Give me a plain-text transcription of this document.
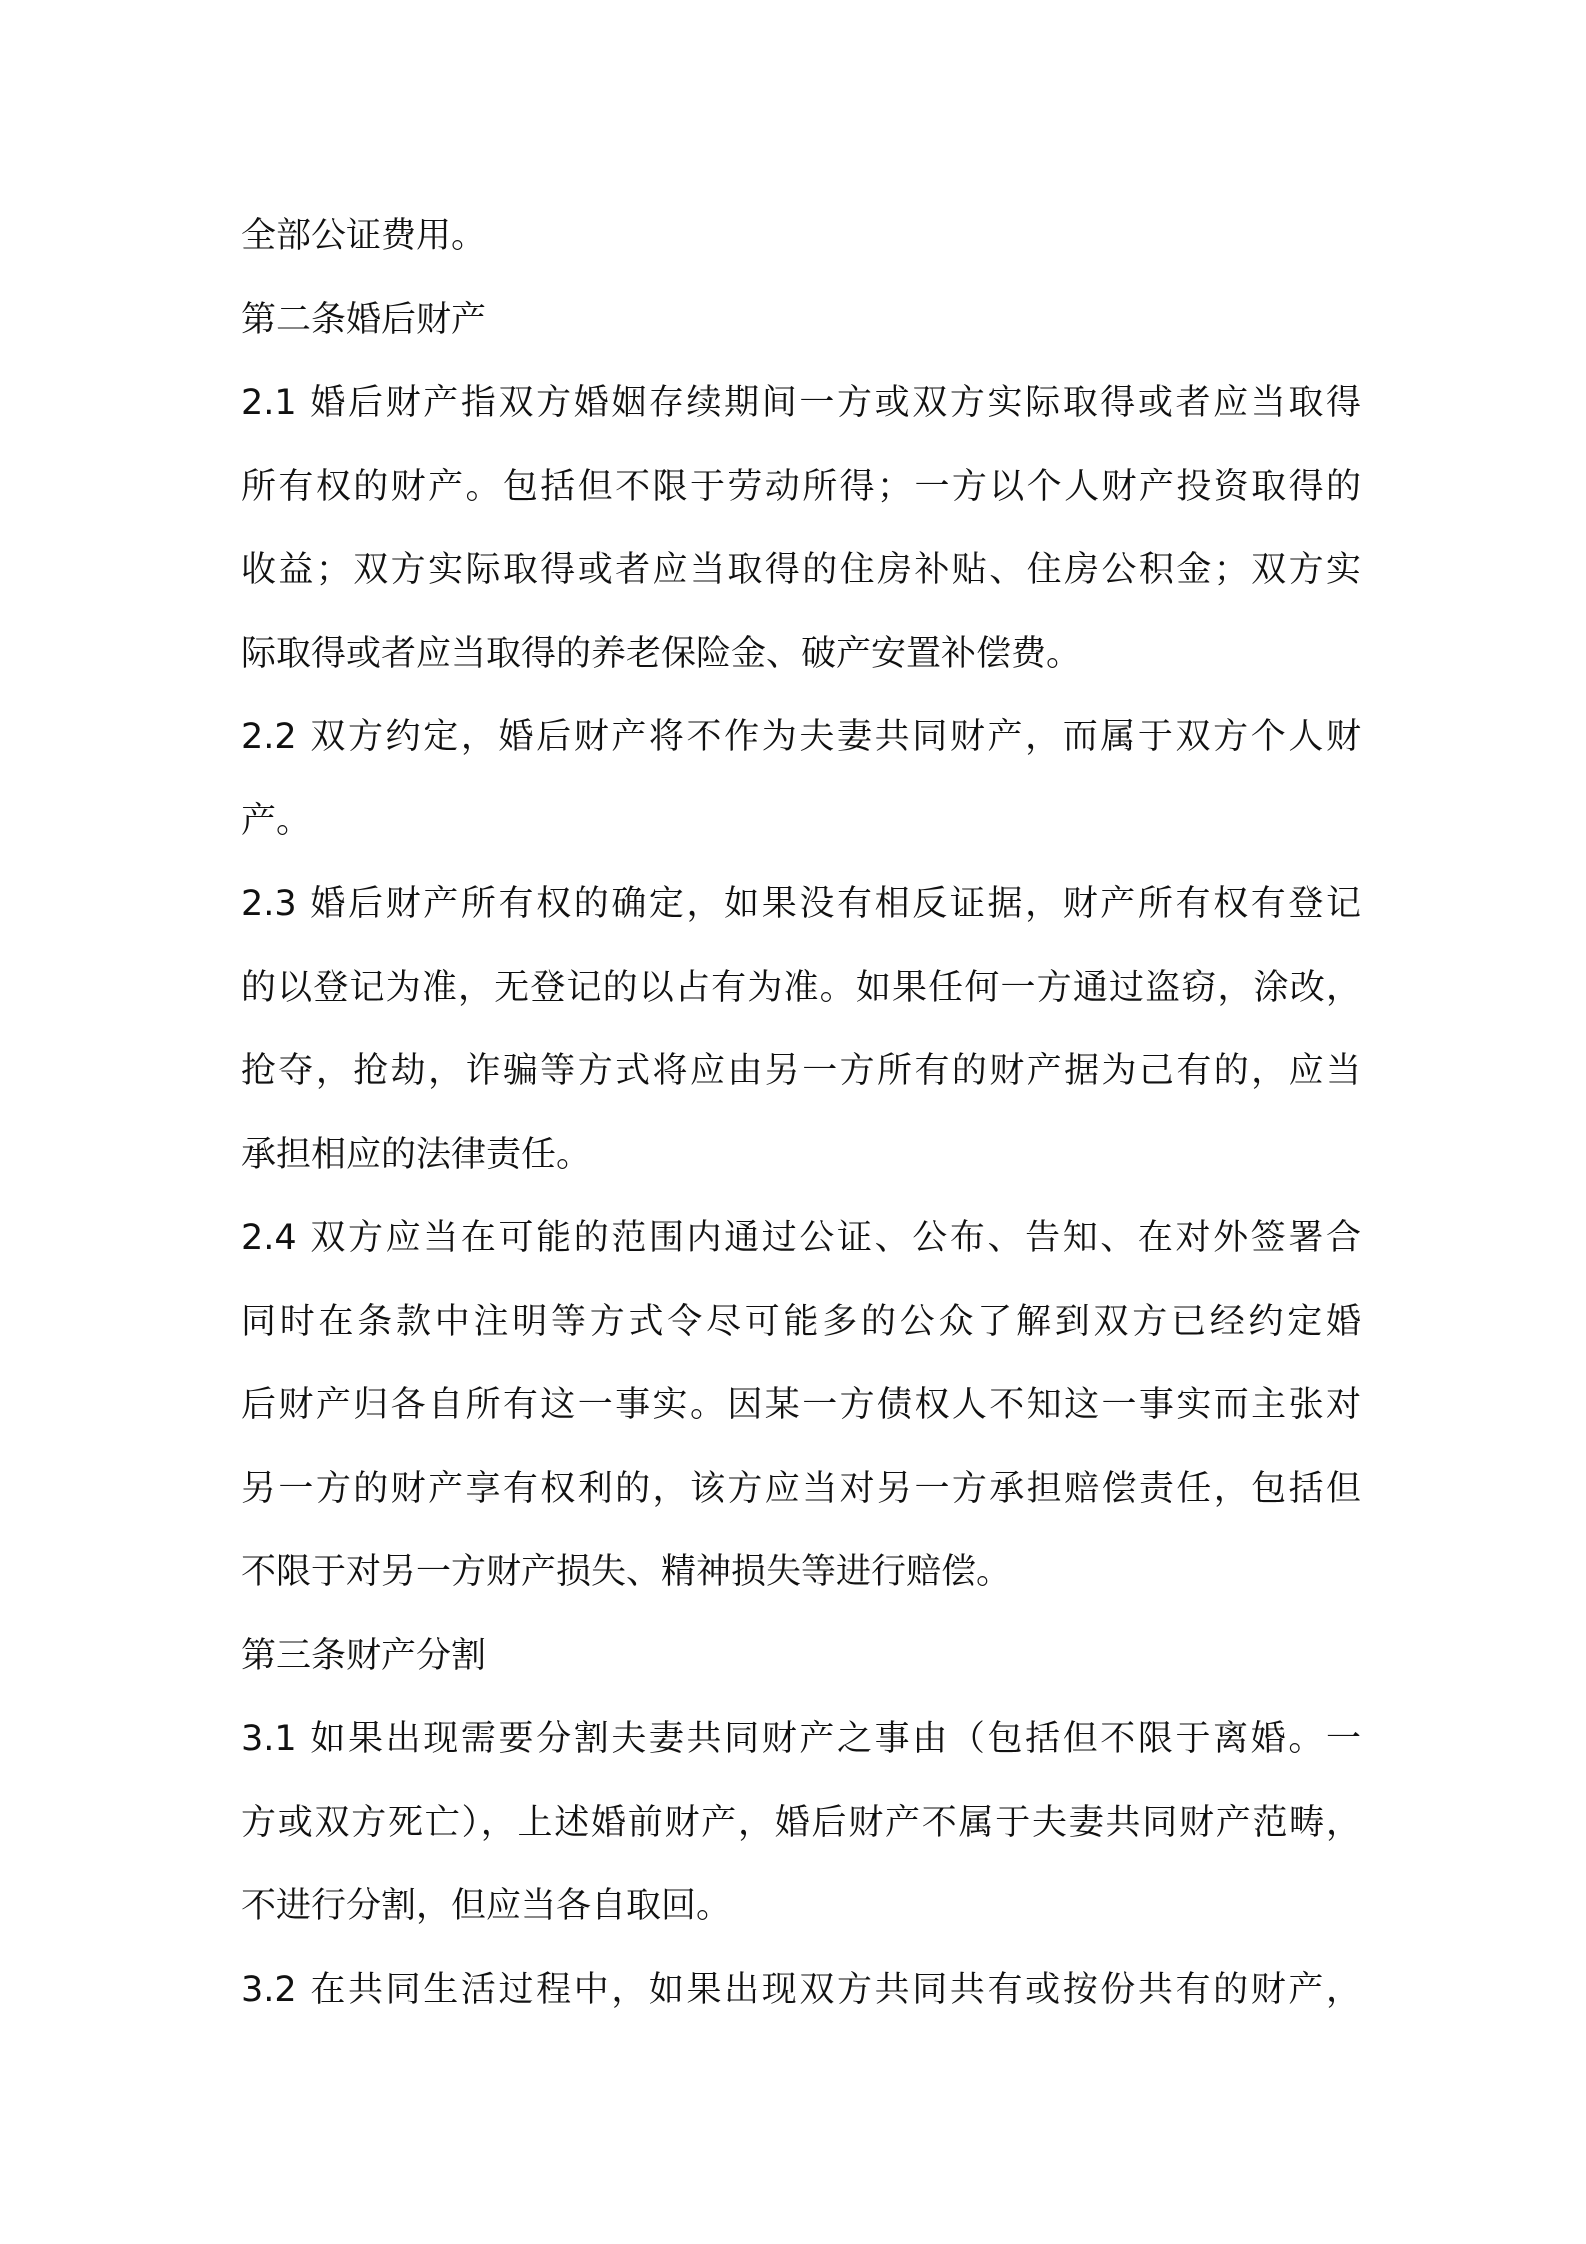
全部公证费用。
第二条婚后财产
2.1 婚后财产指双方婚姻存续期间一方或双方实际取得或者应当取得
所有权的财产。包括但不限于劳动所得；一方以个人财产投资取得的
收益；双方实际取得或者应当取得的住房补贴、住房公积金；双方实
际取得或者应当取得的养老保险金、破产安置补偿费。
2.2 双方约定，婚后财产将不作为夫妻共同财产，而属于双方个人财
产。
2.3 婚后财产所有权的确定，如果没有相反证据，财产所有权有登记
的以登记为准，无登记的以占有为准。如果任何一方通过盗窃，涂改，
抢夺，抢劫，诈骗等方式将应由另一方所有的财产据为己有的，应当
承担相应的法律责任。
2.4 双方应当在可能的范围内通过公证、公布、告知、在对外签署合
同时在条款中注明等方式令尽可能多的公众了解到双方已经约定婚
后财产归各自所有这一事实。因某一方债权人不知这一事实而主张对
另一方的财产享有权利的，该方应当对另一方承担赔偿责任，包括但
不限于对另一方财产损失、精神损失等进行赔偿。
第三条财产分割
3.1 如果出现需要分割夫妻共同财产之事由（包括但不限于离婚。一
方或双方死亡），上述婚前财产，婚后财产不属于夫妻共同财产范畴，
不进行分割，但应当各自取回。
3.2 在共同生活过程中，如果出现双方共同共有或按份共有的财产，
